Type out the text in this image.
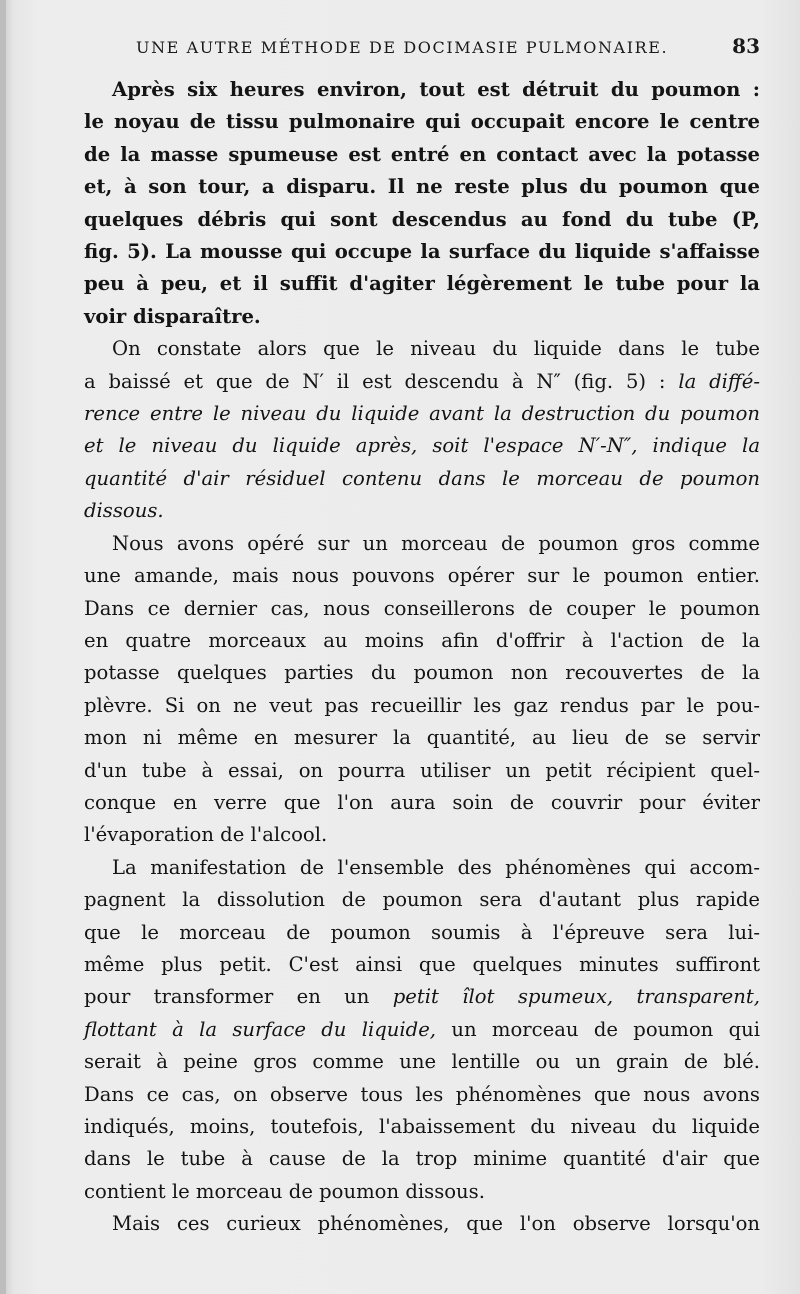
UNE AUTRE MÉTHODE DE DOCIMASIE PULMONAIRE.	83

Après six heures environ, tout est détruit du poumon :
le noyau de tissu pulmonaire qui occupait encore le centre
de la masse spumeuse est entré en contact avec la potasse
et, à son tour, a disparu. Il ne reste plus du poumon que
quelques débris qui sont descendus au fond du tube (P,
fig. 5). La mousse qui occupe la surface du liquide s'affaisse
peu à peu, et il suffit d'agiter légèrement le tube pour la
voir disparaître.

On constate alors que le niveau du liquide dans le tube
a baissé et que de N′ il est descendu à N″ (fig. 5) : la diffé-
rence entre le niveau du liquide avant la destruction du poumon
et le niveau du liquide après, soit l'espace N′-N″, indique la
quantité d'air résiduel contenu dans le morceau de poumon
dissous.

Nous avons opéré sur un morceau de poumon gros comme
une amande, mais nous pouvons opérer sur le poumon entier.
Dans ce dernier cas, nous conseillerons de couper le poumon
en quatre morceaux au moins afin d'offrir à l'action de la
potasse quelques parties du poumon non recouvertes de la
plèvre. Si on ne veut pas recueillir les gaz rendus par le pou-
mon ni même en mesurer la quantité, au lieu de se servir
d'un tube à essai, on pourra utiliser un petit récipient quel-
conque en verre que l'on aura soin de couvrir pour éviter
l'évaporation de l'alcool.

La manifestation de l'ensemble des phénomènes qui accom-
pagnent la dissolution de poumon sera d'autant plus rapide
que le morceau de poumon soumis à l'épreuve sera lui-
même plus petit. C'est ainsi que quelques minutes suffiront
pour transformer en un petit îlot spumeux, transparent,
flottant à la surface du liquide, un morceau de poumon qui
serait à peine gros comme une lentille ou un grain de blé.
Dans ce cas, on observe tous les phénomènes que nous avons
indiqués, moins, toutefois, l'abaissement du niveau du liquide
dans le tube à cause de la trop minime quantité d'air que
contient le morceau de poumon dissous.

Mais ces curieux phénomènes, que l'on observe lorsqu'on
